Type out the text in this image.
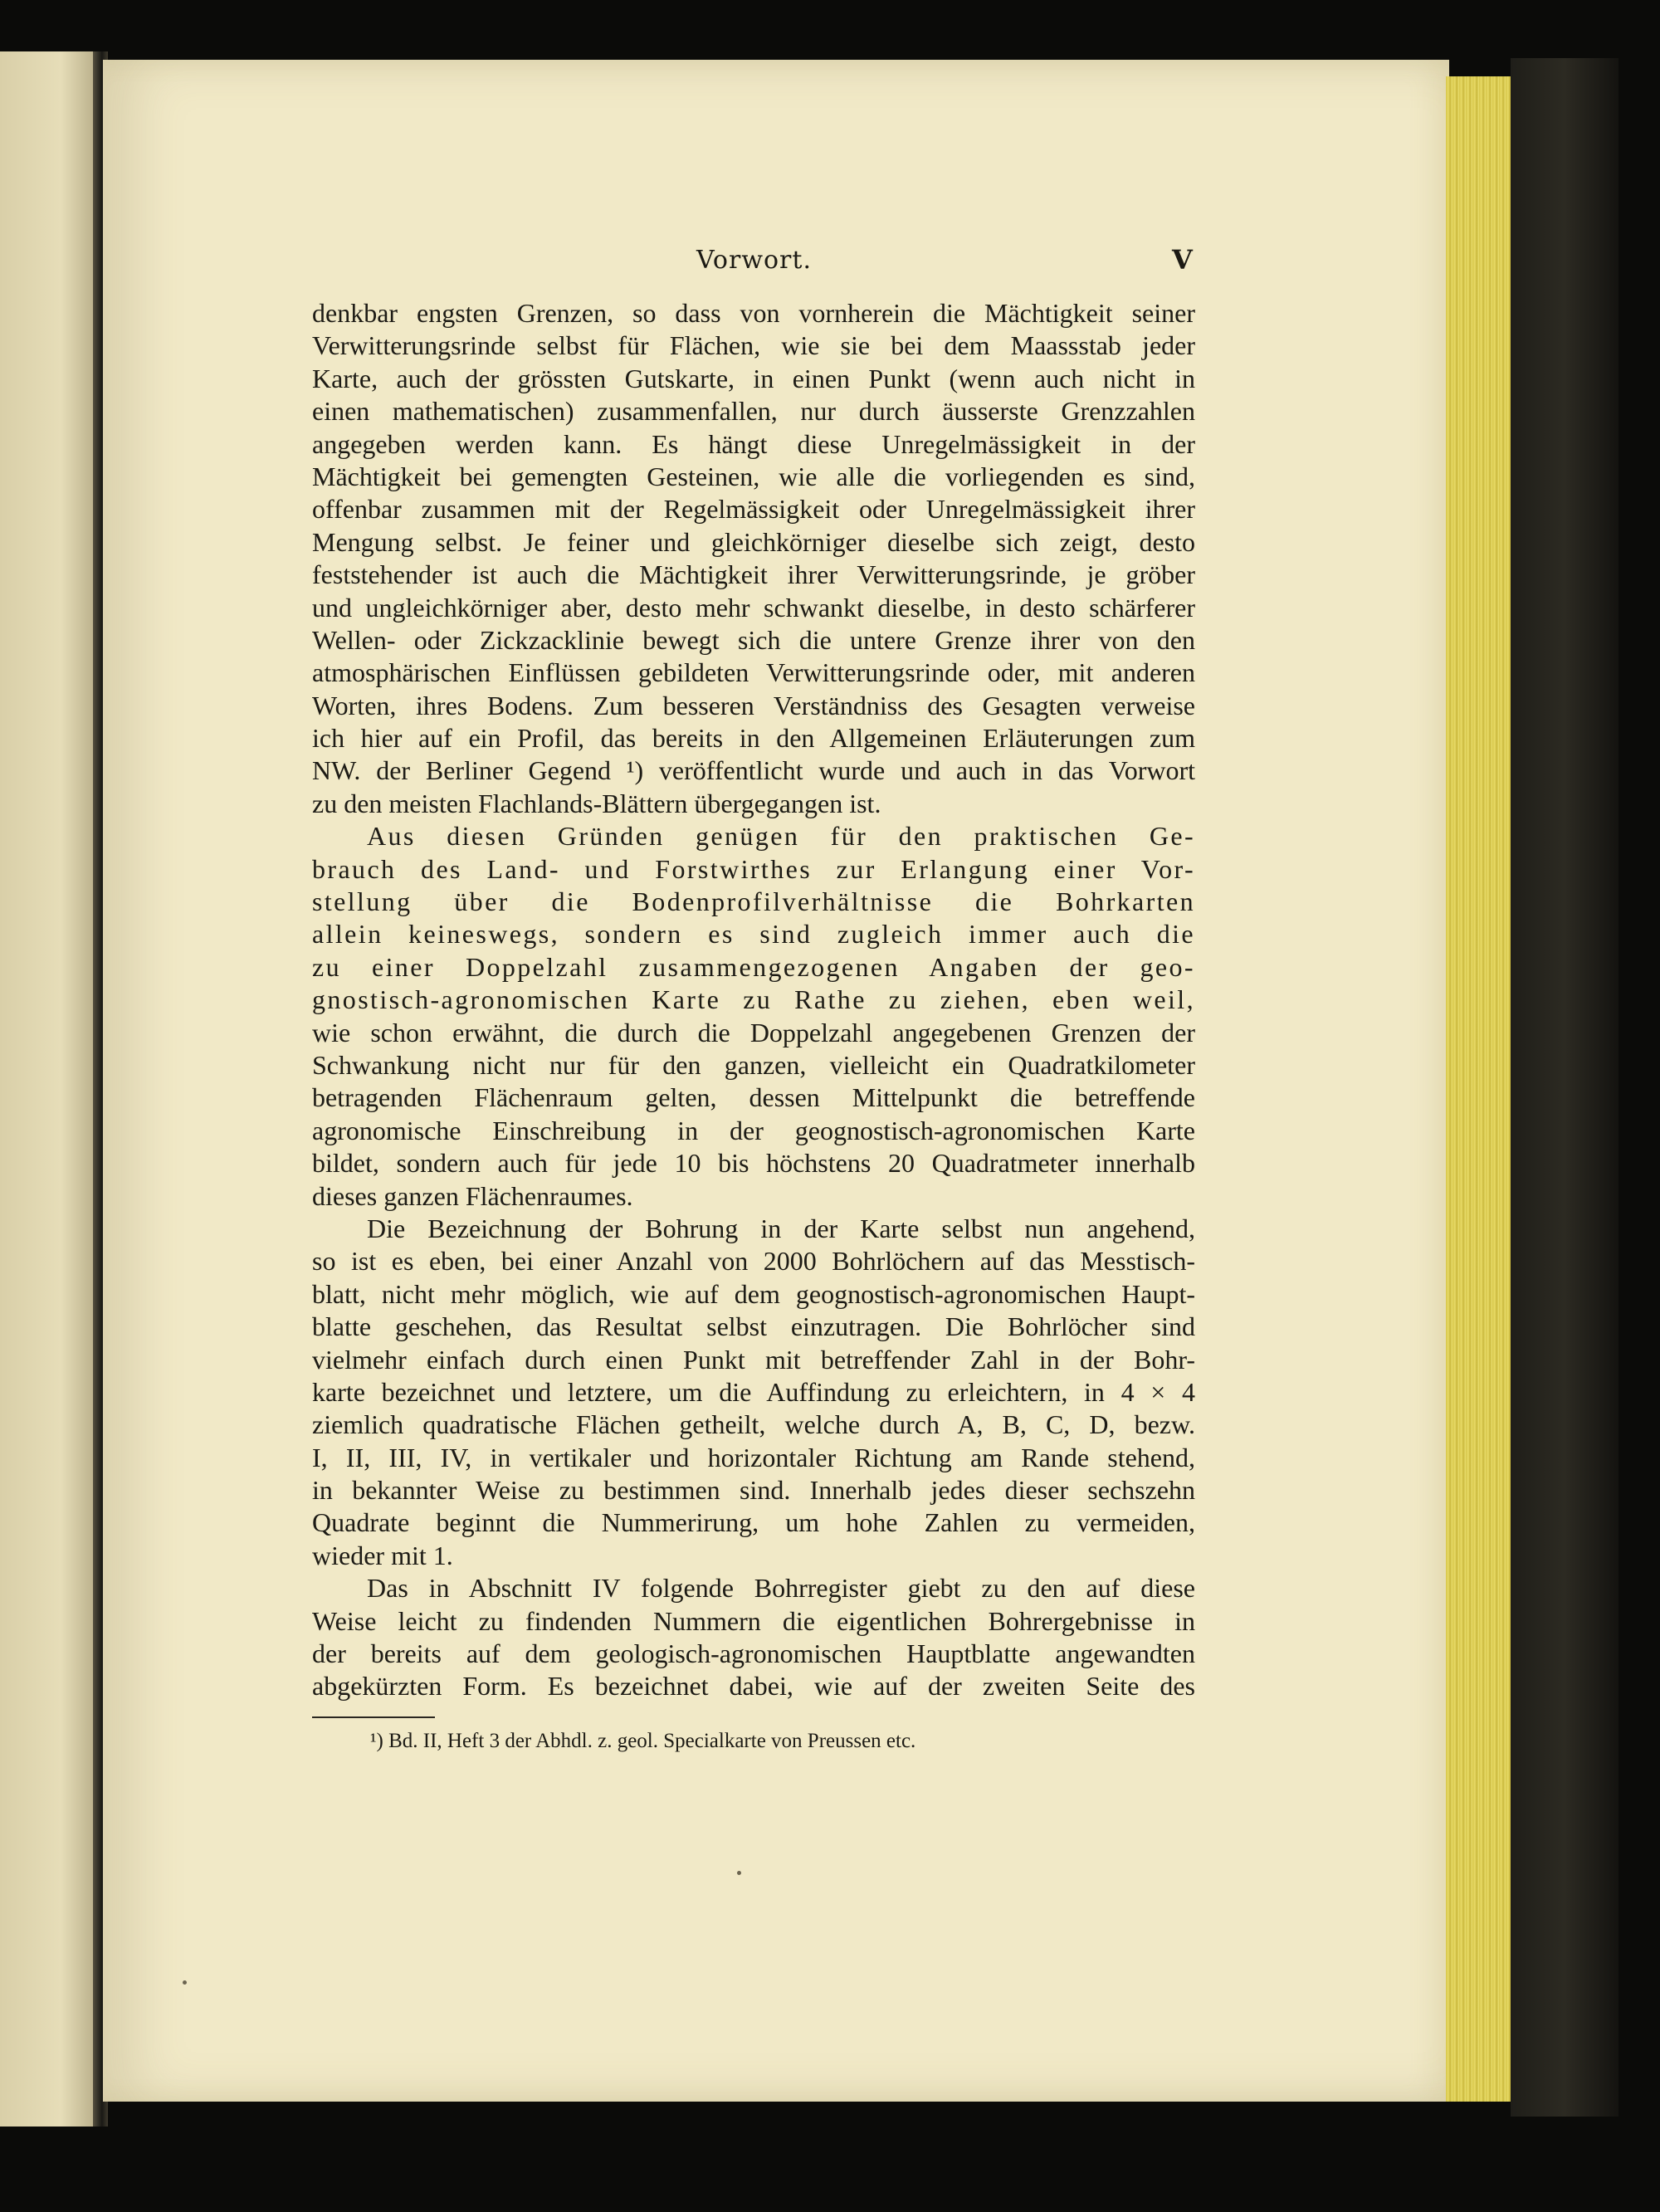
Vorwort.	V
denkbar engsten Grenzen, so dass von vornherein die Mächtigkeit seiner
Verwitterungsrinde selbst für Flächen, wie sie bei dem Maassstab jeder
Karte, auch der grössten Gutskarte, in einen Punkt (wenn auch nicht in
einen mathematischen) zusammenfallen, nur durch äusserste Grenzzahlen
angegeben werden kann. Es hängt diese Unregelmässigkeit in der
Mächtigkeit bei gemengten Gesteinen, wie alle die vorliegenden es sind,
offenbar zusammen mit der Regelmässigkeit oder Unregelmässigkeit ihrer
Mengung selbst. Je feiner und gleichkörniger dieselbe sich zeigt, desto
feststehender ist auch die Mächtigkeit ihrer Verwitterungsrinde, je gröber
und ungleichkörniger aber, desto mehr schwankt dieselbe, in desto schärferer
Wellen- oder Zickzacklinie bewegt sich die untere Grenze ihrer von den
atmosphärischen Einflüssen gebildeten Verwitterungsrinde oder, mit anderen
Worten, ihres Bodens. Zum besseren Verständniss des Gesagten verweise
ich hier auf ein Profil, das bereits in den Allgemeinen Erläuterungen zum
NW. der Berliner Gegend ¹) veröffentlicht wurde und auch in das Vorwort
zu den meisten Flachlands-Blättern übergegangen ist.
Aus diesen Gründen genügen für den praktischen Ge-
brauch des Land- und Forstwirthes zur Erlangung einer Vor-
stellung über die Bodenprofilverhältnisse die Bohrkarten
allein keineswegs, sondern es sind zugleich immer auch die
zu einer Doppelzahl zusammengezogenen Angaben der geo-
gnostisch-agronomischen Karte zu Rathe zu ziehen, eben weil,
wie schon erwähnt, die durch die Doppelzahl angegebenen Grenzen der
Schwankung nicht nur für den ganzen, vielleicht ein Quadratkilometer
betragenden Flächenraum gelten, dessen Mittelpunkt die betreffende
agronomische Einschreibung in der geognostisch-agronomischen Karte
bildet, sondern auch für jede 10 bis höchstens 20 Quadratmeter innerhalb
dieses ganzen Flächenraumes.
Die Bezeichnung der Bohrung in der Karte selbst nun angehend,
so ist es eben, bei einer Anzahl von 2000 Bohrlöchern auf das Messtisch-
blatt, nicht mehr möglich, wie auf dem geognostisch-agronomischen Haupt-
blatte geschehen, das Resultat selbst einzutragen. Die Bohrlöcher sind
vielmehr einfach durch einen Punkt mit betreffender Zahl in der Bohr-
karte bezeichnet und letztere, um die Auffindung zu erleichtern, in 4 × 4
ziemlich quadratische Flächen getheilt, welche durch A, B, C, D, bezw.
I, II, III, IV, in vertikaler und horizontaler Richtung am Rande stehend,
in bekannter Weise zu bestimmen sind. Innerhalb jedes dieser sechszehn
Quadrate beginnt die Nummerirung, um hohe Zahlen zu vermeiden,
wieder mit 1.
Das in Abschnitt IV folgende Bohrregister giebt zu den auf diese
Weise leicht zu findenden Nummern die eigentlichen Bohrergebnisse in
der bereits auf dem geologisch-agronomischen Hauptblatte angewandten
abgekürzten Form. Es bezeichnet dabei, wie auf der zweiten Seite des
¹) Bd. II, Heft 3 der Abhdl. z. geol. Specialkarte von Preussen etc.
